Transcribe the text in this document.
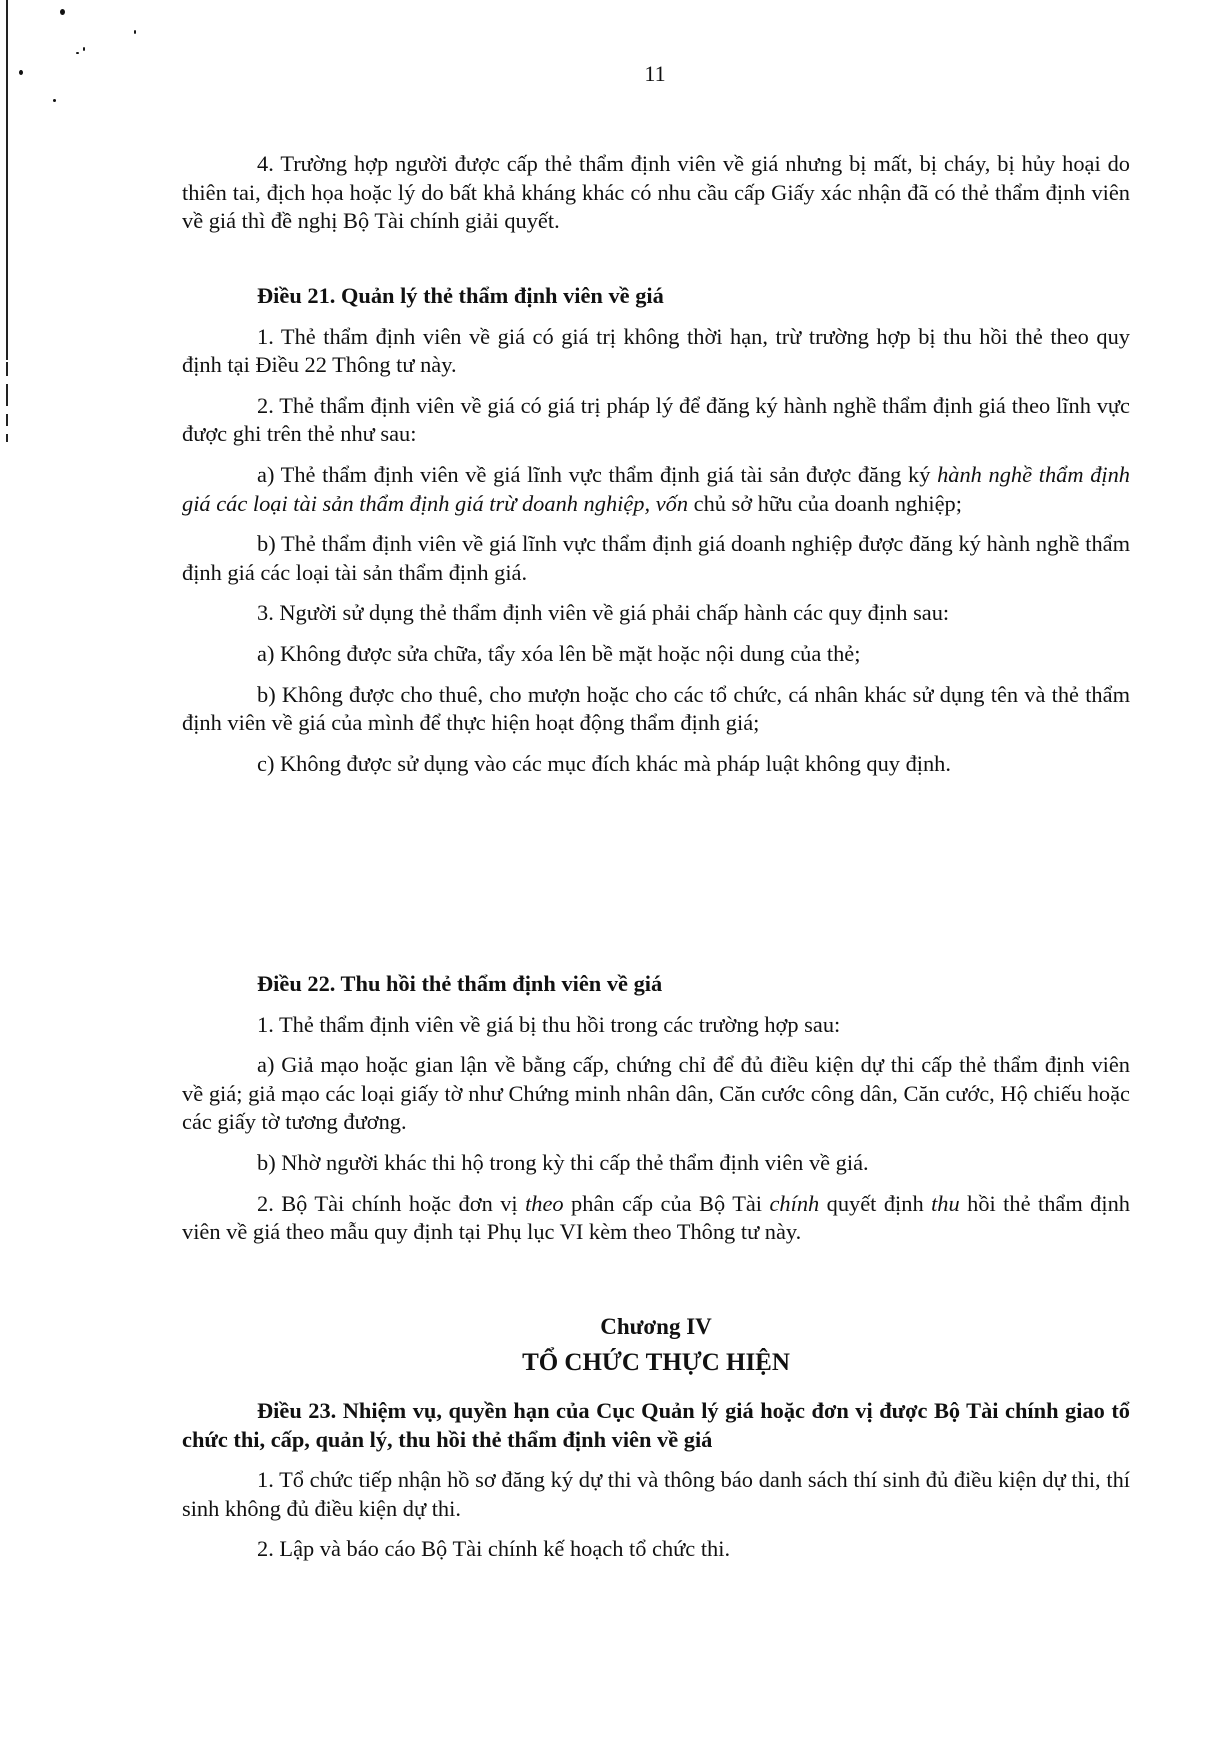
11

4. Trường hợp người được cấp thẻ thẩm định viên về giá nhưng bị mất, bị cháy, bị hủy hoại do thiên tai, địch họa hoặc lý do bất khả kháng khác có nhu cầu cấp Giấy xác nhận đã có thẻ thẩm định viên về giá thì đề nghị Bộ Tài chính giải quyết.

Điều 21. Quản lý thẻ thẩm định viên về giá

1. Thẻ thẩm định viên về giá có giá trị không thời hạn, trừ trường hợp bị thu hồi thẻ theo quy định tại Điều 22 Thông tư này.

2. Thẻ thẩm định viên về giá có giá trị pháp lý để đăng ký hành nghề thẩm định giá theo lĩnh vực được ghi trên thẻ như sau:

a) Thẻ thẩm định viên về giá lĩnh vực thẩm định giá tài sản được đăng ký hành nghề thẩm định giá các loại tài sản thẩm định giá trừ doanh nghiệp, vốn chủ sở hữu của doanh nghiệp;

b) Thẻ thẩm định viên về giá lĩnh vực thẩm định giá doanh nghiệp được đăng ký hành nghề thẩm định giá các loại tài sản thẩm định giá.

3. Người sử dụng thẻ thẩm định viên về giá phải chấp hành các quy định sau:

a) Không được sửa chữa, tẩy xóa lên bề mặt hoặc nội dung của thẻ;

b) Không được cho thuê, cho mượn hoặc cho các tổ chức, cá nhân khác sử dụng tên và thẻ thẩm định viên về giá của mình để thực hiện hoạt động thẩm định giá;

c) Không được sử dụng vào các mục đích khác mà pháp luật không quy định.

Điều 22. Thu hồi thẻ thẩm định viên về giá

1. Thẻ thẩm định viên về giá bị thu hồi trong các trường hợp sau:

a) Giả mạo hoặc gian lận về bằng cấp, chứng chỉ để đủ điều kiện dự thi cấp thẻ thẩm định viên về giá; giả mạo các loại giấy tờ như Chứng minh nhân dân, Căn cước công dân, Căn cước, Hộ chiếu hoặc các giấy tờ tương đương.

b) Nhờ người khác thi hộ trong kỳ thi cấp thẻ thẩm định viên về giá.

2. Bộ Tài chính hoặc đơn vị theo phân cấp của Bộ Tài chính quyết định thu hồi thẻ thẩm định viên về giá theo mẫu quy định tại Phụ lục VI kèm theo Thông tư này.

Chương IV
TỔ CHỨC THỰC HIỆN

Điều 23. Nhiệm vụ, quyền hạn của Cục Quản lý giá hoặc đơn vị được Bộ Tài chính giao tổ chức thi, cấp, quản lý, thu hồi thẻ thẩm định viên về giá

1. Tổ chức tiếp nhận hồ sơ đăng ký dự thi và thông báo danh sách thí sinh đủ điều kiện dự thi, thí sinh không đủ điều kiện dự thi.

2. Lập và báo cáo Bộ Tài chính kế hoạch tổ chức thi.
